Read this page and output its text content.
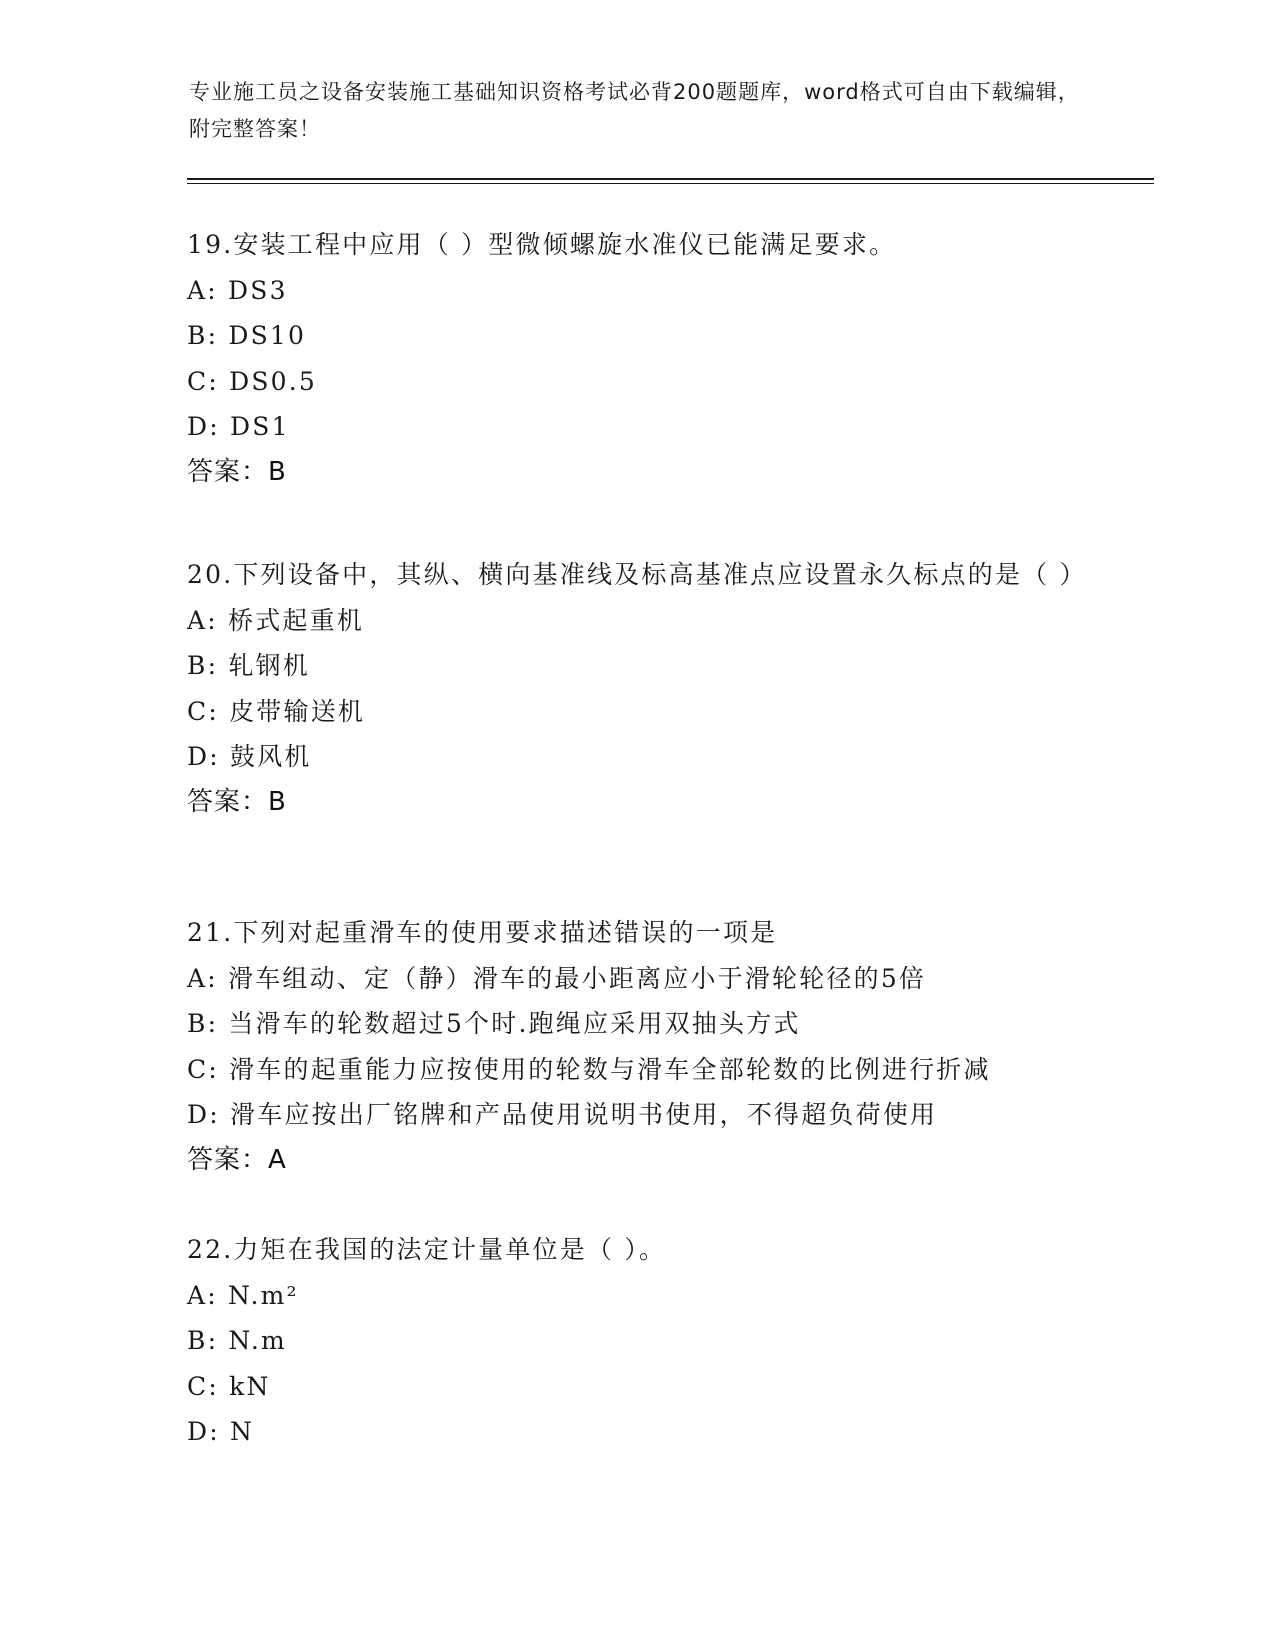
专业施工员之设备安装施工基础知识资格考试必背200题题库，word格式可自由下载编辑，附完整答案！
19.安装工程中应用（ ）型微倾螺旋水准仪已能满足要求。
A: DS3
B: DS10
C: DS0.5
D: DS1
答案：B
20.下列设备中，其纵、横向基准线及标高基准点应设置永久标点的是（ ）
A: 桥式起重机
B: 轧钢机
C: 皮带输送机
D: 鼓风机
答案：B
21.下列对起重滑车的使用要求描述错误的一项是
A: 滑车组动、定（静）滑车的最小距离应小于滑轮轮径的5倍
B: 当滑车的轮数超过5个时.跑绳应采用双抽头方式
C: 滑车的起重能力应按使用的轮数与滑车全部轮数的比例进行折减
D: 滑车应按出厂铭牌和产品使用说明书使用，不得超负荷使用
答案：A
22.力矩在我国的法定计量单位是（ ）。
A: N.m²
B: N.m
C: kN
D: N
